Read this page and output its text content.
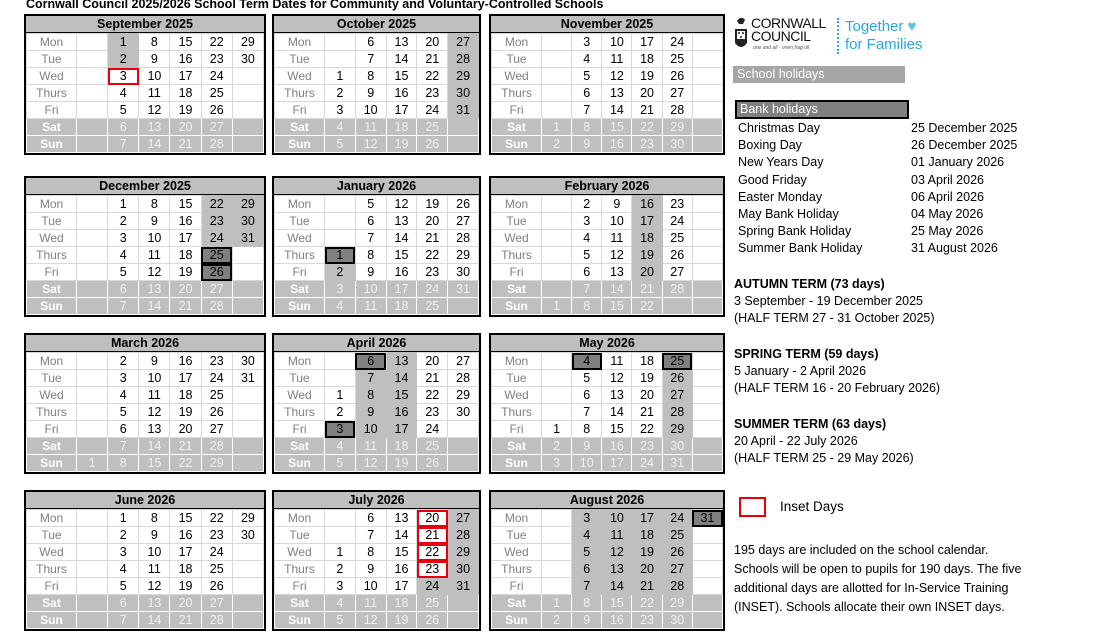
Cornwall Council 2025/2026 School Term Dates for Community and Voluntary-Controlled Schools
September 2025
Mon		1	8	15	22	29
Tue		2	9	16	23	30
Wed		3	10	17	24	
Thurs		4	11	18	25	
Fri		5	12	19	26	
Sat		6	13	20	27	
Sun		7	14	21	28	
October 2025
Mon		6	13	20	27
Tue		7	14	21	28
Wed	1	8	15	22	29
Thurs	2	9	16	23	30
Fri	3	10	17	24	31
Sat	4	11	18	25	
Sun	5	12	19	26	
November 2025
Mon		3	10	17	24	
Tue		4	11	18	25	
Wed		5	12	19	26	
Thurs		6	13	20	27	
Fri		7	14	21	28	
Sat	1	8	15	22	29	
Sun	2	9	16	23	30	
December 2025
Mon		1	8	15	22	29
Tue		2	9	16	23	30
Wed		3	10	17	24	31
Thurs		4	11	18	25	
Fri		5	12	19	26	
Sat		6	13	20	27	
Sun		7	14	21	28	
January 2026
Mon		5	12	19	26
Tue		6	13	20	27
Wed		7	14	21	28
Thurs	1	8	15	22	29
Fri	2	9	16	23	30
Sat	3	10	17	24	31
Sun	4	11	18	25	
February 2026
Mon		2	9	16	23	
Tue		3	10	17	24	
Wed		4	11	18	25	
Thurs		5	12	19	26	
Fri		6	13	20	27	
Sat		7	14	21	28	
Sun	1	8	15	22		
March 2026
Mon		2	9	16	23	30
Tue		3	10	17	24	31
Wed		4	11	18	25	
Thurs		5	12	19	26	
Fri		6	13	20	27	
Sat		7	14	21	28	
Sun	1	8	15	22	29	
April 2026
Mon		6	13	20	27
Tue		7	14	21	28
Wed	1	8	15	22	29
Thurs	2	9	16	23	30
Fri	3	10	17	24	
Sat	4	11	18	25	
Sun	5	12	19	26	
May 2026
Mon		4	11	18	25	
Tue		5	12	19	26	
Wed		6	13	20	27	
Thurs		7	14	21	28	
Fri	1	8	15	22	29	
Sat	2	9	16	23	30	
Sun	3	10	17	24	31	
June 2026
Mon		1	8	15	22	29
Tue		2	9	16	23	30
Wed		3	10	17	24	
Thurs		4	11	18	25	
Fri		5	12	19	26	
Sat		6	13	20	27	
Sun		7	14	21	28	
July 2026
Mon		6	13	20	27
Tue		7	14	21	28
Wed	1	8	15	22	29
Thurs	2	9	16	23	30
Fri	3	10	17	24	31
Sat	4	11	18	25	
Sun	5	12	19	26	
August 2026
Mon		3	10	17	24	31
Tue		4	11	18	25	
Wed		5	12	19	26	
Thurs		6	13	20	27	
Fri		7	14	21	28	
Sat	1	8	15	22	29	
Sun	2	9	16	23	30	
CORNWALL
COUNCIL
one and all · onen hag oll
Together ♥
for Families
School holidays
Bank holidays
Christmas Day	25 December 2025
Boxing Day	26 December 2025
New Years Day	01 January 2026
Good Friday	03 April 2026
Easter Monday	06 April 2026
May Bank Holiday	04 May 2026
Spring Bank Holiday	25 May 2026
Summer Bank Holiday	31 August 2026
AUTUMN TERM (73 days)
3 September - 19 December 2025
(HALF TERM 27 - 31 October 2025)
SPRING TERM (59 days)
5 January - 2 April 2026
(HALF TERM 16 - 20 February 2026)
SUMMER TERM (63 days)
20 April - 22 July 2026
(HALF TERM 25 - 29 May 2026)
Inset Days
195 days are included on the school calendar. Schools will be open to pupils for 190 days. The five additional days are allotted for In-Service Training (INSET). Schools allocate their own INSET days.
